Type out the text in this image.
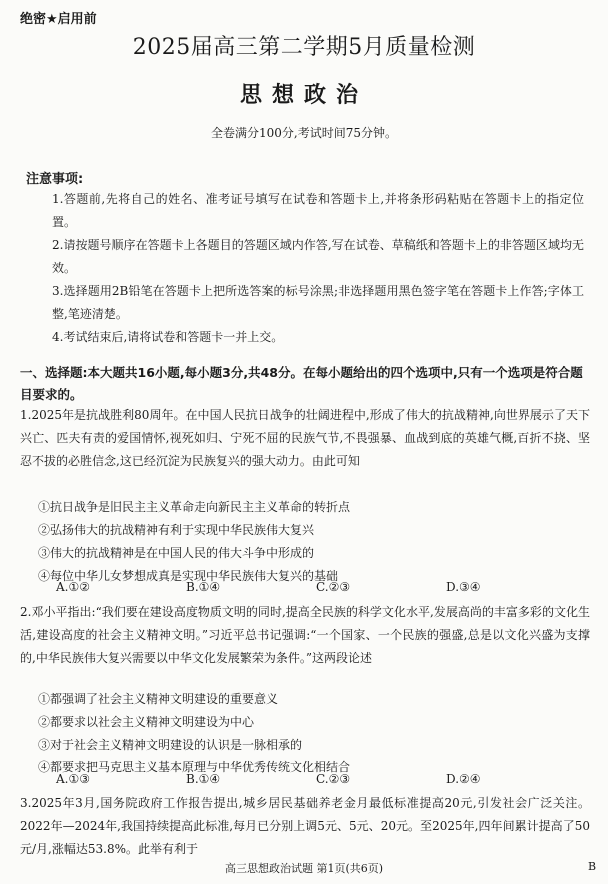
绝密★启用前
2025届高三第二学期5月质量检测
思想政治
全卷满分100分,考试时间75分钟。
注意事项:
1.答题前,先将自己的姓名、准考证号填写在试卷和答题卡上,并将条形码粘贴在答题卡上的指定位置。
2.请按题号顺序在答题卡上各题目的答题区域内作答,写在试卷、草稿纸和答题卡上的非答题区域均无效。
3.选择题用2B铅笔在答题卡上把所选答案的标号涂黑;非选择题用黑色签字笔在答题卡上作答;字体工整,笔迹清楚。
4.考试结束后,请将试卷和答题卡一并上交。
一、选择题:本大题共16小题,每小题3分,共48分。在每小题给出的四个选项中,只有一个选项是符合题目要求的。
1.2025年是抗战胜利80周年。在中国人民抗日战争的壮阔进程中,形成了伟大的抗战精神,向世界展示了天下兴亡、匹夫有责的爱国情怀,视死如归、宁死不屈的民族气节,不畏强暴、血战到底的英雄气概,百折不挠、坚忍不拔的必胜信念,这已经沉淀为民族复兴的强大动力。由此可知
①抗日战争是旧民主主义革命走向新民主主义革命的转折点
②弘扬伟大的抗战精神有利于实现中华民族伟大复兴
③伟大的抗战精神是在中国人民的伟大斗争中形成的
④每位中华儿女梦想成真是实现中华民族伟大复兴的基础
A.①②	B.①④	C.②③	D.③④
2.邓小平指出:“我们要在建设高度物质文明的同时,提高全民族的科学文化水平,发展高尚的丰富多彩的文化生活,建设高度的社会主义精神文明。”习近平总书记强调:“一个国家、一个民族的强盛,总是以文化兴盛为支撑的,中华民族伟大复兴需要以中华文化发展繁荣为条件。”这两段论述
①都强调了社会主义精神文明建设的重要意义
②都要求以社会主义精神文明建设为中心
③对于社会主义精神文明建设的认识是一脉相承的
④都要求把马克思主义基本原理与中华优秀传统文化相结合
A.①③	B.①④	C.②③	D.②④
3.2025年3月,国务院政府工作报告提出,城乡居民基础养老金月最低标准提高20元,引发社会广泛关注。2022年—2024年,我国持续提高此标准,每月已分别上调5元、5元、20元。至2025年,四年间累计提高了50元/月,涨幅达53.8%。此举有利于
高三思想政治试题 第1页(共6页)	B
